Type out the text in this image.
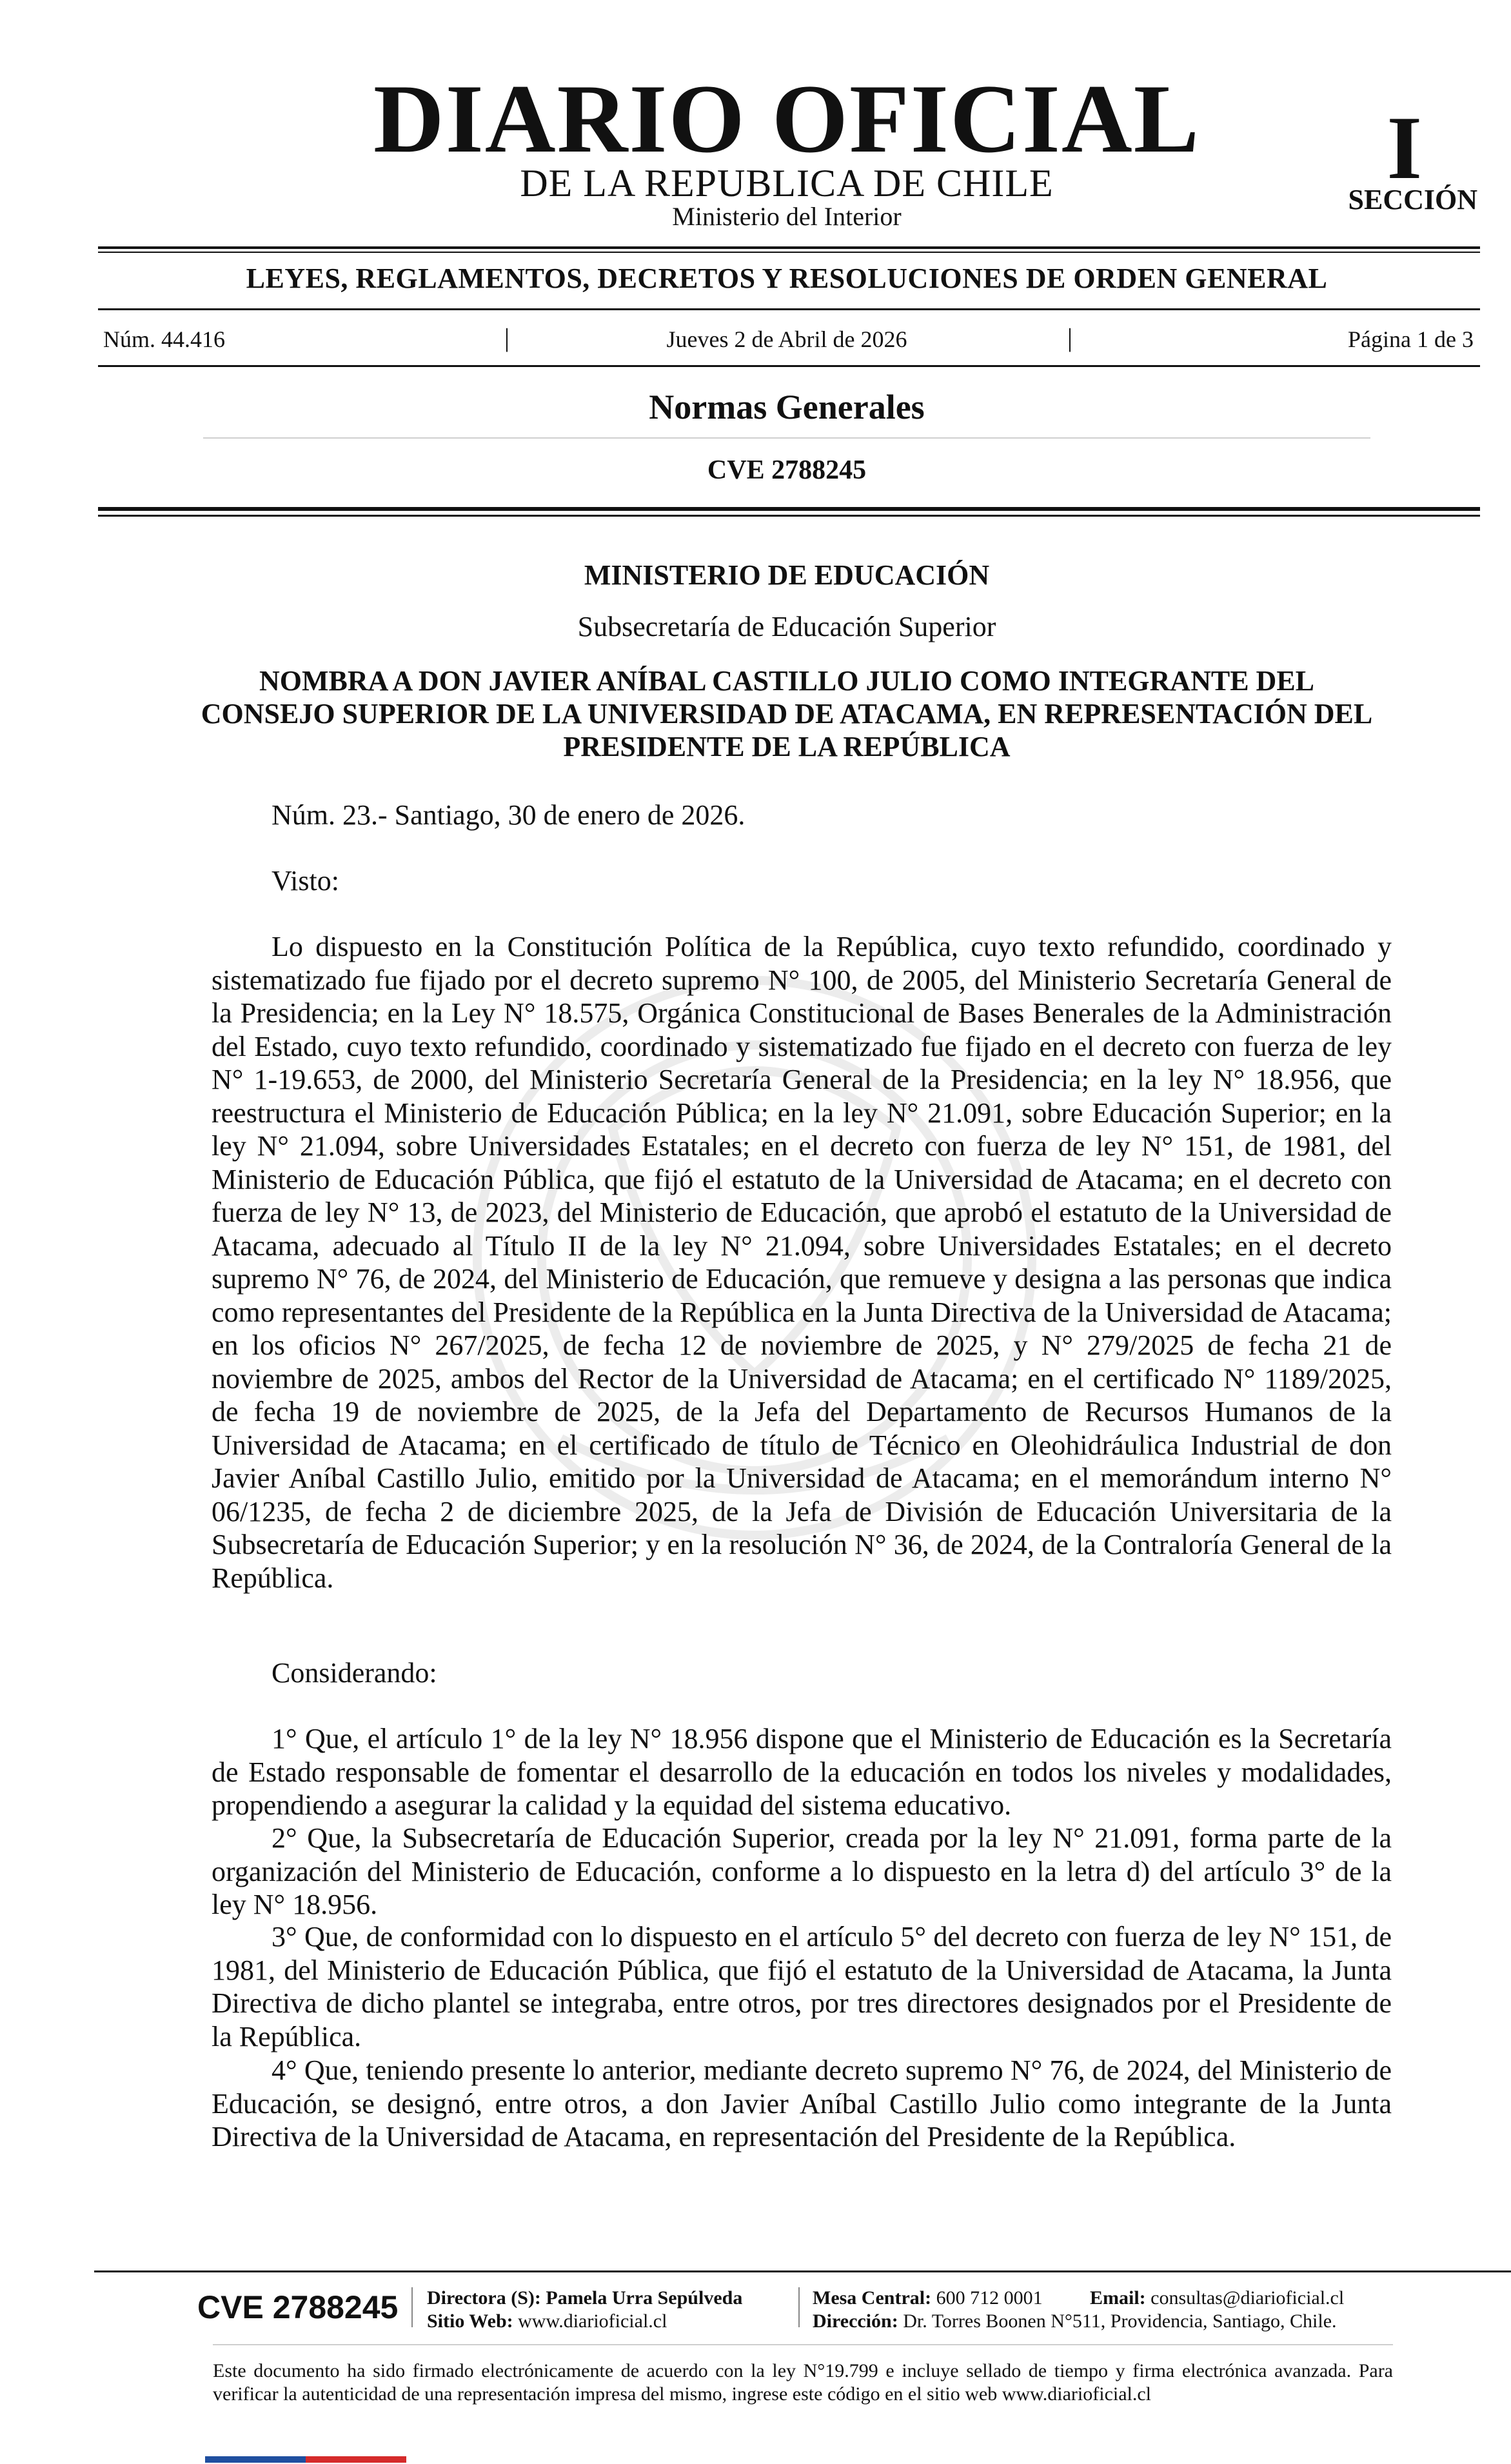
DIARIO OFICIAL
DE LA REPUBLICA DE CHILE
Ministerio del Interior
I
SECCIÓN
LEYES, REGLAMENTOS, DECRETOS Y RESOLUCIONES DE ORDEN GENERAL
Núm. 44.416	|	Jueves 2 de Abril de 2026	|	Página 1 de 3
Normas Generales
CVE 2788245
MINISTERIO DE EDUCACIÓN
Subsecretaría de Educación Superior
NOMBRA A DON JAVIER ANÍBAL CASTILLO JULIO COMO INTEGRANTE DEL CONSEJO SUPERIOR DE LA UNIVERSIDAD DE ATACAMA, EN REPRESENTACIÓN DEL PRESIDENTE DE LA REPÚBLICA

Núm. 23.- Santiago, 30 de enero de 2026.

Visto:

Lo dispuesto en la Constitución Política de la República, cuyo texto refundido, coordinado y sistematizado fue fijado por el decreto supremo N° 100, de 2005, del Ministerio Secretaría General de la Presidencia; en la Ley N° 18.575, Orgánica Constitucional de Bases Benerales de la Administración del Estado, cuyo texto refundido, coordinado y sistematizado fue fijado en el decreto con fuerza de ley N° 1-19.653, de 2000, del Ministerio Secretaría General de la Presidencia; en la ley N° 18.956, que reestructura el Ministerio de Educación Pública; en la ley N° 21.091, sobre Educación Superior; en la ley N° 21.094, sobre Universidades Estatales; en el decreto con fuerza de ley N° 151, de 1981, del Ministerio de Educación Pública, que fijó el estatuto de la Universidad de Atacama; en el decreto con fuerza de ley N° 13, de 2023, del Ministerio de Educación, que aprobó el estatuto de la Universidad de Atacama, adecuado al Título II de la ley N° 21.094, sobre Universidades Estatales; en el decreto supremo N° 76, de 2024, del Ministerio de Educación, que remueve y designa a las personas que indica como representantes del Presidente de la República en la Junta Directiva de la Universidad de Atacama; en los oficios N° 267/2025, de fecha 12 de noviembre de 2025, y N° 279/2025 de fecha 21 de noviembre de 2025, ambos del Rector de la Universidad de Atacama; en el certificado N° 1189/2025, de fecha 19 de noviembre de 2025, de la Jefa del Departamento de Recursos Humanos de la Universidad de Atacama; en el certificado de título de Técnico en Oleohidráulica Industrial de don Javier Aníbal Castillo Julio, emitido por la Universidad de Atacama; en el memorándum interno N° 06/1235, de fecha 2 de diciembre 2025, de la Jefa de División de Educación Universitaria de la Subsecretaría de Educación Superior; y en la resolución N° 36, de 2024, de la Contraloría General de la República.

Considerando:

1° Que, el artículo 1° de la ley N° 18.956 dispone que el Ministerio de Educación es la Secretaría de Estado responsable de fomentar el desarrollo de la educación en todos los niveles y modalidades, propendiendo a asegurar la calidad y la equidad del sistema educativo.

2° Que, la Subsecretaría de Educación Superior, creada por la ley N° 21.091, forma parte de la organización del Ministerio de Educación, conforme a lo dispuesto en la letra d) del artículo 3° de la ley N° 18.956.

3° Que, de conformidad con lo dispuesto en el artículo 5° del decreto con fuerza de ley N° 151, de 1981, del Ministerio de Educación Pública, que fijó el estatuto de la Universidad de Atacama, la Junta Directiva de dicho plantel se integraba, entre otros, por tres directores designados por el Presidente de la República.

4° Que, teniendo presente lo anterior, mediante decreto supremo N° 76, de 2024, del Ministerio de Educación, se designó, entre otros, a don Javier Aníbal Castillo Julio como integrante de la Junta Directiva de la Universidad de Atacama, en representación del Presidente de la República.

CVE 2788245 Directora (S): Pamela Urra Sepúlveda
Sitio Web: www.diarioficial.cl
Mesa Central: 600 712 0001 Email: consultas@diarioficial.cl
Dirección: Dr. Torres Boonen N°511, Providencia, Santiago, Chile.
Este documento ha sido firmado electrónicamente de acuerdo con la ley N°19.799 e incluye sellado de tiempo y firma electrónica avanzada. Para verificar la autenticidad de una representación impresa del mismo, ingrese este código en el sitio web www.diarioficial.cl
